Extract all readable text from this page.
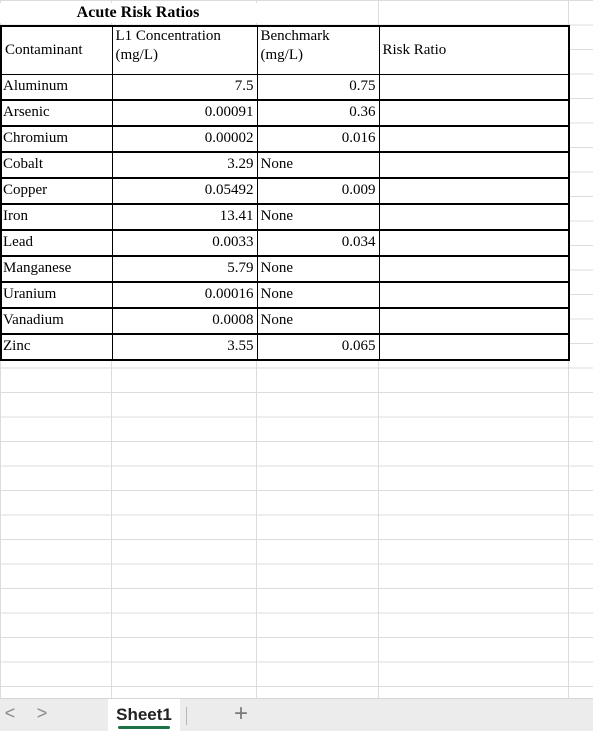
Acute Risk Ratios
Contaminant	L1 Concentration (mg/L)	Benchmark (mg/L)	Risk Ratio
Aluminum	7.5	0.75	
Arsenic	0.00091	0.36	
Chromium	0.00002	0.016	
Cobalt	3.29	None	
Copper	0.05492	0.009	
Iron	13.41	None	
Lead	0.0033	0.034	
Manganese	5.79	None	
Uranium	0.00016	None	
Vanadium	0.0008	None	
Zinc	3.55	0.065	
< >	Sheet1	+
